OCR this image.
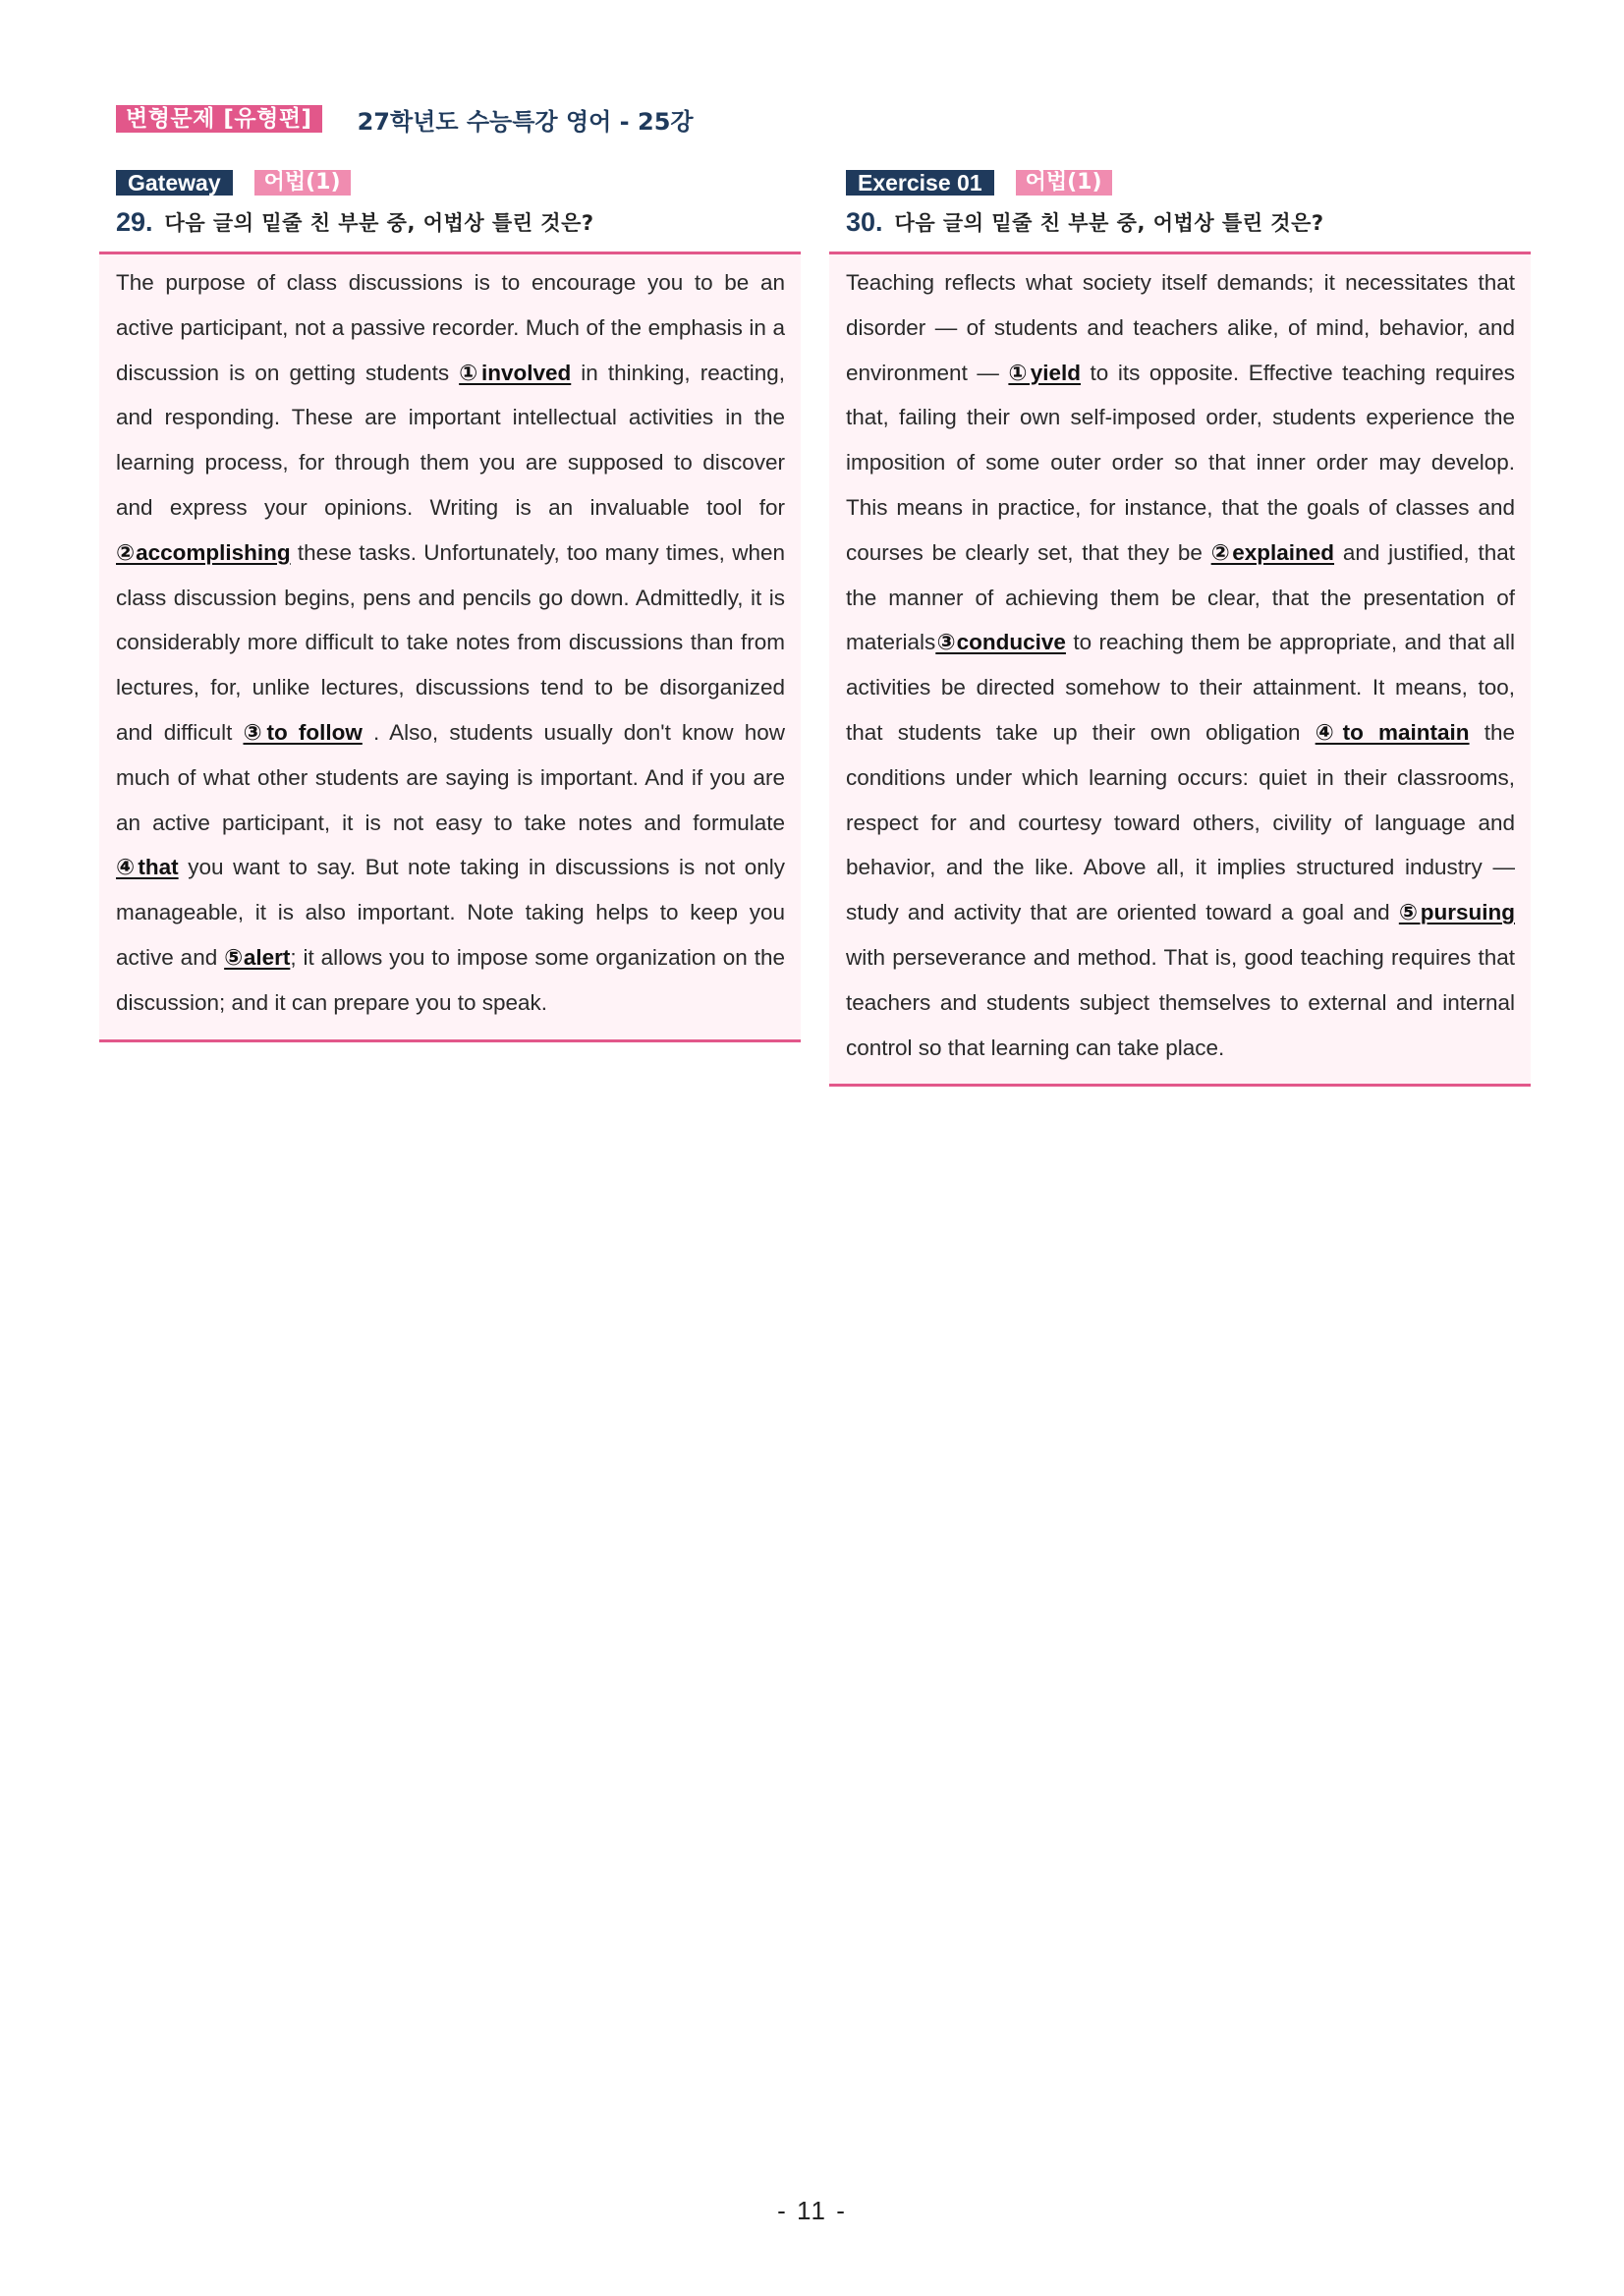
변형문제 [유형편]	27학년도 수능특강 영어 - 25강
Gateway	어법(1)
29. 다음 글의 밑줄 친 부분 중, 어법상 틀린 것은?

The purpose of class discussions is to encourage you to be an active participant, not a passive recorder. Much of the emphasis in a discussion is on getting students ①involved in thinking, reacting, and responding. These are important intellectual activities in the learning process, for through them you are supposed to discover and express your opinions. Writing is an invaluable tool for ②accomplishing these tasks. Unfortunately, too many times, when class discussion begins, pens and pencils go down. Admittedly, it is considerably more difficult to take notes from discussions than from lectures, for, unlike lectures, discussions tend to be disorganized and difficult ③to follow . Also, students usually don't know how much of what other students are saying is important. And if you are an active participant, it is not easy to take notes and formulate ④that you want to say. But note taking in discussions is not only manageable, it is also important. Note taking helps to keep you active and ⑤alert; it allows you to impose some organization on the discussion; and it can prepare you to speak.

Exercise 01	어법(1)
30. 다음 글의 밑줄 친 부분 중, 어법상 틀린 것은?

Teaching reflects what society itself demands; it necessitates that disorder — of students and teachers alike, of mind, behavior, and environment — ①yield to its opposite. Effective teaching requires that, failing their own self-imposed order, students experience the imposition of some outer order so that inner order may develop. This means in practice, for instance, that the goals of classes and courses be clearly set, that they be ②explained and justified, that the manner of achieving them be clear, that the presentation of materials③conducive to reaching them be appropriate, and that all activities be directed somehow to their attainment. It means, too, that students take up their own obligation ④to maintain the conditions under which learning occurs: quiet in their classrooms, respect for and courtesy toward others, civility of language and behavior, and the like. Above all, it implies structured industry — study and activity that are oriented toward a goal and ⑤pursuing with perseverance and method. That is, good teaching requires that teachers and students subject themselves to external and internal control so that learning can take place.

- 11 -
